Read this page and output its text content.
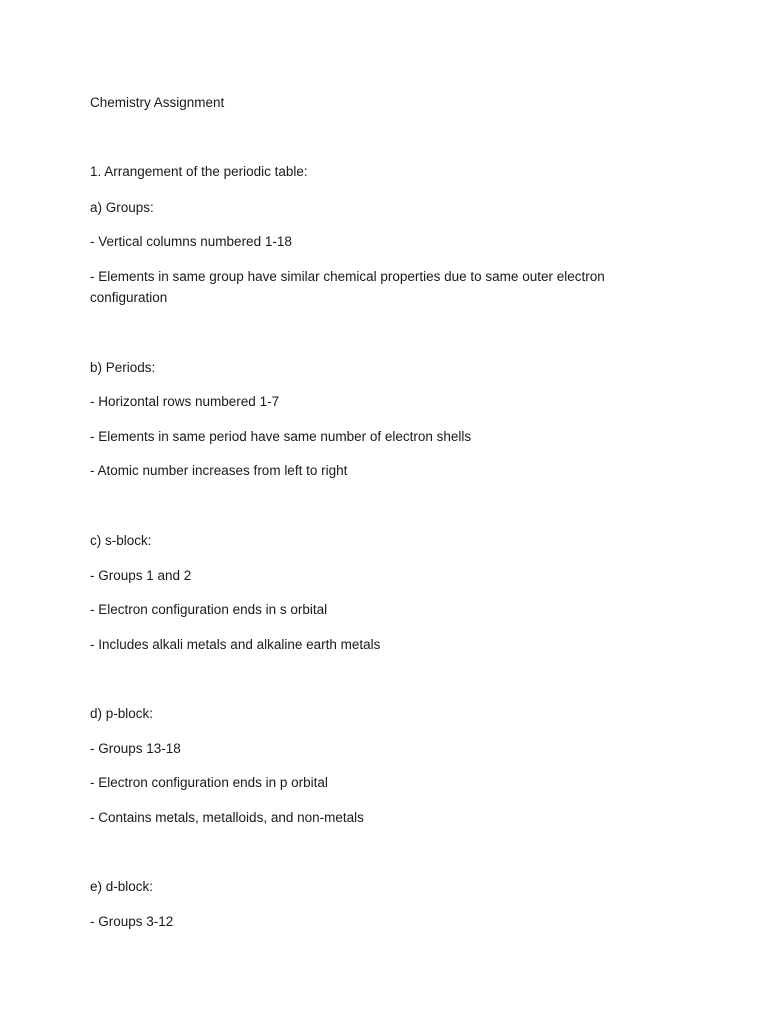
Chemistry Assignment
1. Arrangement of the periodic table:
a) Groups:
- Vertical columns numbered 1-18
- Elements in same group have similar chemical properties due to same outer electron configuration
b) Periods:
- Horizontal rows numbered 1-7
- Elements in same period have same number of electron shells
- Atomic number increases from left to right
c) s-block:
- Groups 1 and 2
- Electron configuration ends in s orbital
- Includes alkali metals and alkaline earth metals
d) p-block:
- Groups 13-18
- Electron configuration ends in p orbital
- Contains metals, metalloids, and non-metals
e) d-block:
- Groups 3-12
